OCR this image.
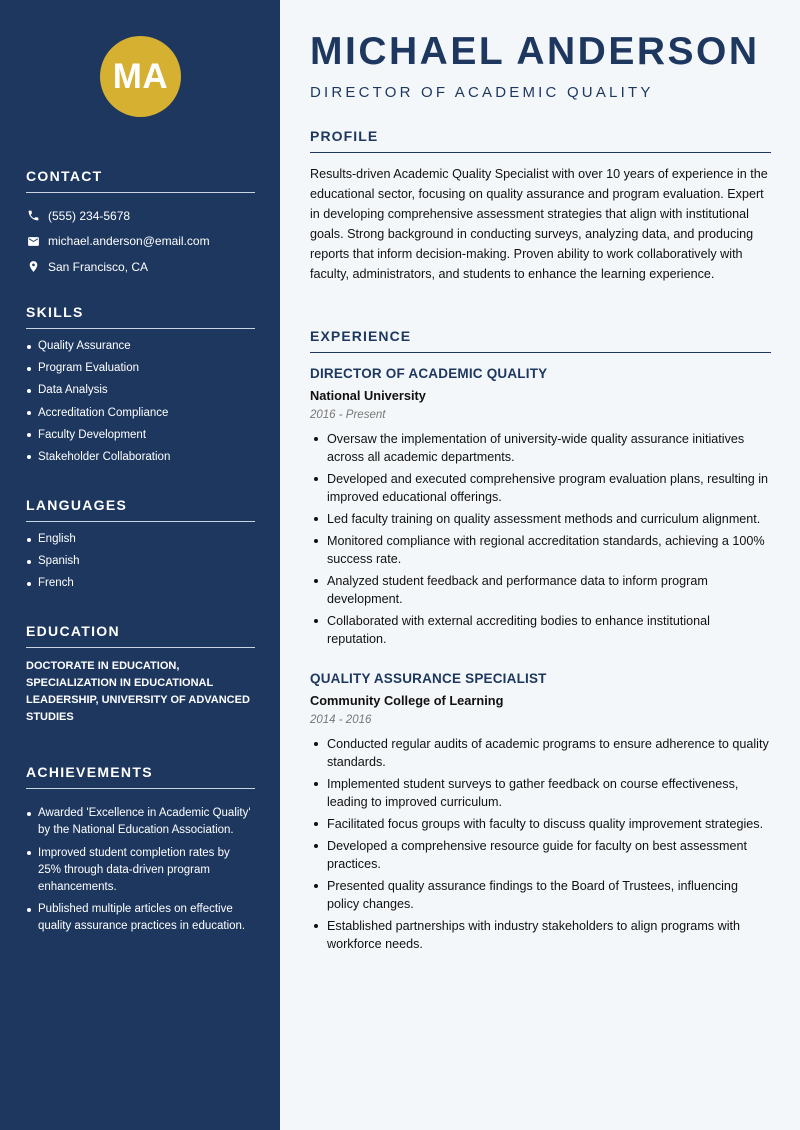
MA
CONTACT
(555) 234-5678
michael.anderson@email.com
San Francisco, CA
SKILLS
Quality Assurance
Program Evaluation
Data Analysis
Accreditation Compliance
Faculty Development
Stakeholder Collaboration
LANGUAGES
English
Spanish
French
EDUCATION

DOCTORATE IN EDUCATION, SPECIALIZATION IN EDUCATIONAL LEADERSHIP, UNIVERSITY OF ADVANCED STUDIES

ACHIEVEMENTS
Awarded 'Excellence in Academic Quality' by the National Education Association.
Improved student completion rates by 25% through data-driven program enhancements.
Published multiple articles on effective quality assurance practices in education.
MICHAEL ANDERSON
DIRECTOR OF ACADEMIC QUALITY
PROFILE

Results-driven Academic Quality Specialist with over 10 years of experience in the educational sector, focusing on quality assurance and program evaluation. Expert in developing comprehensive assessment strategies that align with institutional goals. Strong background in conducting surveys, analyzing data, and producing reports that inform decision-making. Proven ability to work collaboratively with faculty, administrators, and students to enhance the learning experience.

EXPERIENCE
DIRECTOR OF ACADEMIC QUALITY
National University
2016 - Present
Oversaw the implementation of university-wide quality assurance initiatives across all academic departments.
Developed and executed comprehensive program evaluation plans, resulting in improved educational offerings.
Led faculty training on quality assessment methods and curriculum alignment.
Monitored compliance with regional accreditation standards, achieving a 100% success rate.
Analyzed student feedback and performance data to inform program development.
Collaborated with external accrediting bodies to enhance institutional reputation.
QUALITY ASSURANCE SPECIALIST
Community College of Learning
2014 - 2016
Conducted regular audits of academic programs to ensure adherence to quality standards.
Implemented student surveys to gather feedback on course effectiveness, leading to improved curriculum.
Facilitated focus groups with faculty to discuss quality improvement strategies.
Developed a comprehensive resource guide for faculty on best assessment practices.
Presented quality assurance findings to the Board of Trustees, influencing policy changes.
Established partnerships with industry stakeholders to align programs with workforce needs.
